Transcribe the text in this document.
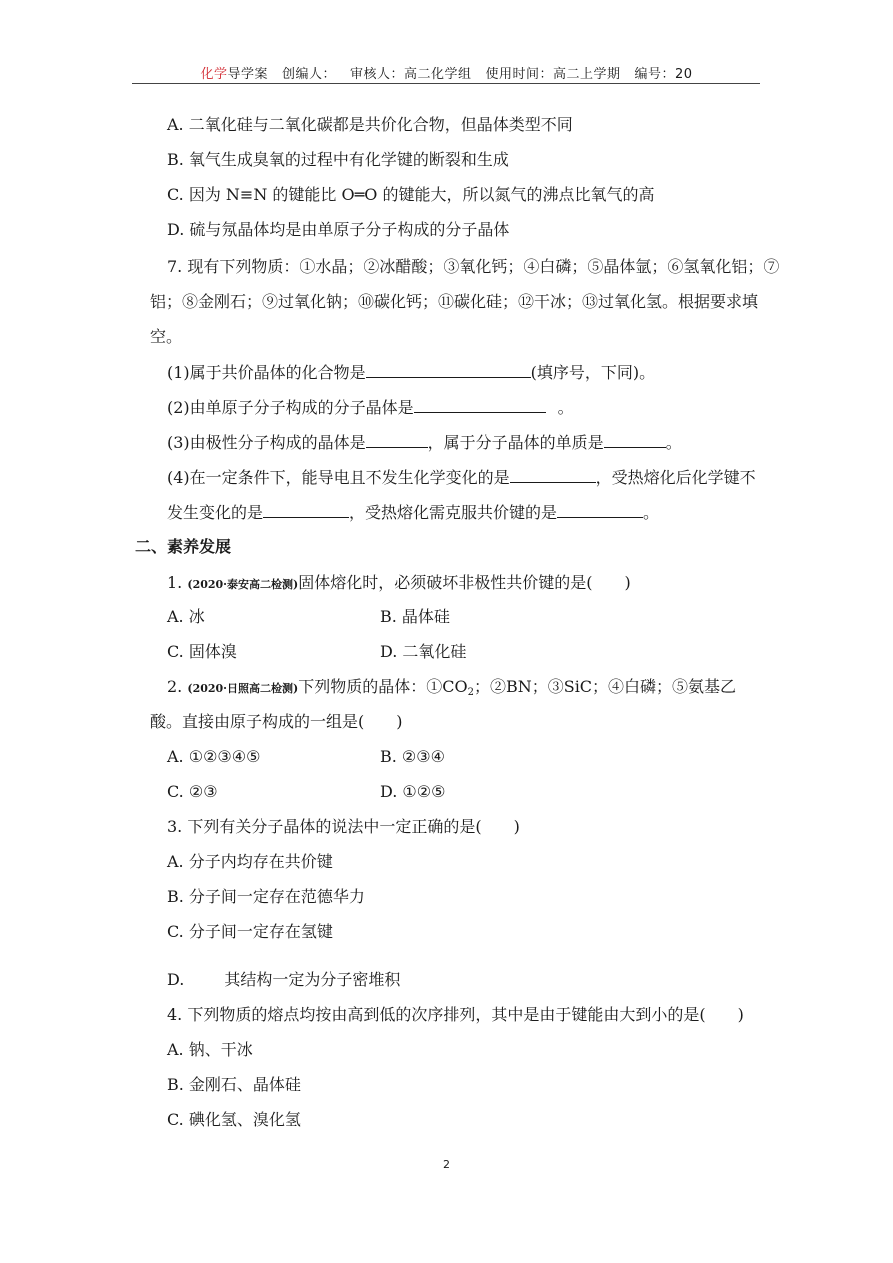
化学导学案 创编人： 审核人：高二化学组 使用时间：高二上学期 编号：20
A. 二氧化硅与二氧化碳都是共价化合物，但晶体类型不同
B. 氧气生成臭氧的过程中有化学键的断裂和生成
C. 因为 N≡N 的键能比 O═O 的键能大，所以氮气的沸点比氧气的高
D. 硫与氖晶体均是由单原子分子构成的分子晶体
7. 现有下列物质：①水晶；②冰醋酸；③氧化钙；④白磷；⑤晶体氩；⑥氢氧化铝；⑦
铝；⑧金刚石；⑨过氧化钠；⑩碳化钙；⑪碳化硅；⑫干冰；⑬过氧化氢。根据要求填
空。
(1)属于共价晶体的化合物是	(填序号，下同)。
(2)由单原子分子构成的分子晶体是	。
(3)由极性分子构成的晶体是	，属于分子晶体的单质是	。
(4)在一定条件下，能导电且不发生化学变化的是	，受热熔化后化学键不
发生变化的是	，受热熔化需克服共价键的是	。
二、素养发展
1. (2020·泰安高二检测)固体熔化时，必须破坏非极性共价键的是(　　)
A. 冰	B. 晶体硅
C. 固体溴	D. 二氧化硅
2. (2020·日照高二检测)下列物质的晶体：$①CO_2$；②BN；③SiC；④白磷；⑤氨基乙
酸。直接由原子构成的一组是(　　)
A. ①②③④⑤	B. ②③④
C. ②③	D. ①②⑤
3. 下列有关分子晶体的说法中一定正确的是(　　)
A. 分子内均存在共价键
B. 分子间一定存在范德华力
C. 分子间一定存在氢键
D.	其结构一定为分子密堆积
4. 下列物质的熔点均按由高到低的次序排列，其中是由于键能由大到小的是(　　)
A. 钠、干冰
B. 金刚石、晶体硅
C. 碘化氢、溴化氢
2
